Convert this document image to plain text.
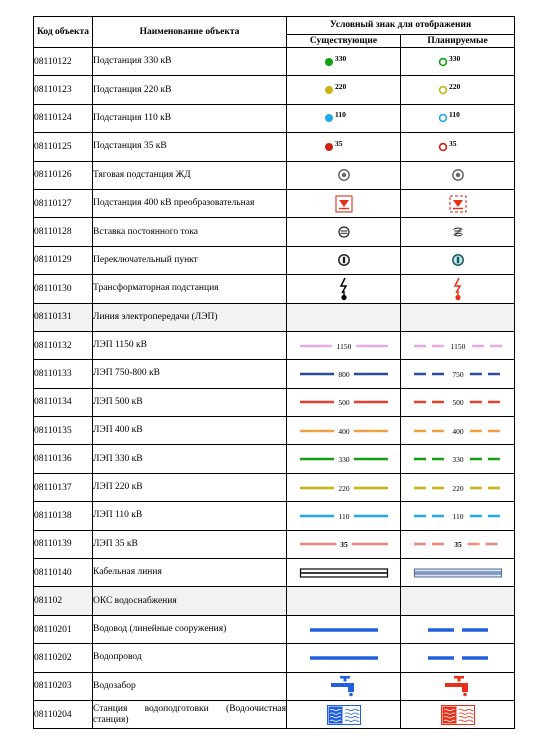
Код объекта	Наименование объекта	Условный знак для отображения	
		Существующие	Планируемые
08110122	Подстанция 330 кВ	330	330

08110123	Подстанция 220 кВ	220	220

08110124	Подстанция 110 кВ	110	110

08110125	Подстанция 35 кВ	35	35

08110126	Тяговая подстанция ЖД	

08110127	Подстанция 400 кВ преобразовательная	

08110128	Вставка постоянного тока	

08110129	Переключательный пункт	

08110130	Трансформаторная подстанция	

08110131	Линия электропередачи (ЛЭП)		
08110132	ЛЭП 1150 кВ	1150	1150

08110133	ЛЭП 750-800 кВ	800	750

08110134	ЛЭП 500 кВ	500	500

08110135	ЛЭП 400 кВ	400	400

08110136	ЛЭП 330 кВ	330	330

08110137	ЛЭП 220 кВ	220	220

08110138	ЛЭП 110 кВ	110	110

08110139	ЛЭП 35 кВ	35	35

08110140	Кабельная линия	

081102	ОКС водоснабжения		
08110201	Водовод (линейные сооружения)	

08110202	Водопровод	

08110203	Водозабор	

08110204	Станция водоподготовки (Водоочистная станция)	
